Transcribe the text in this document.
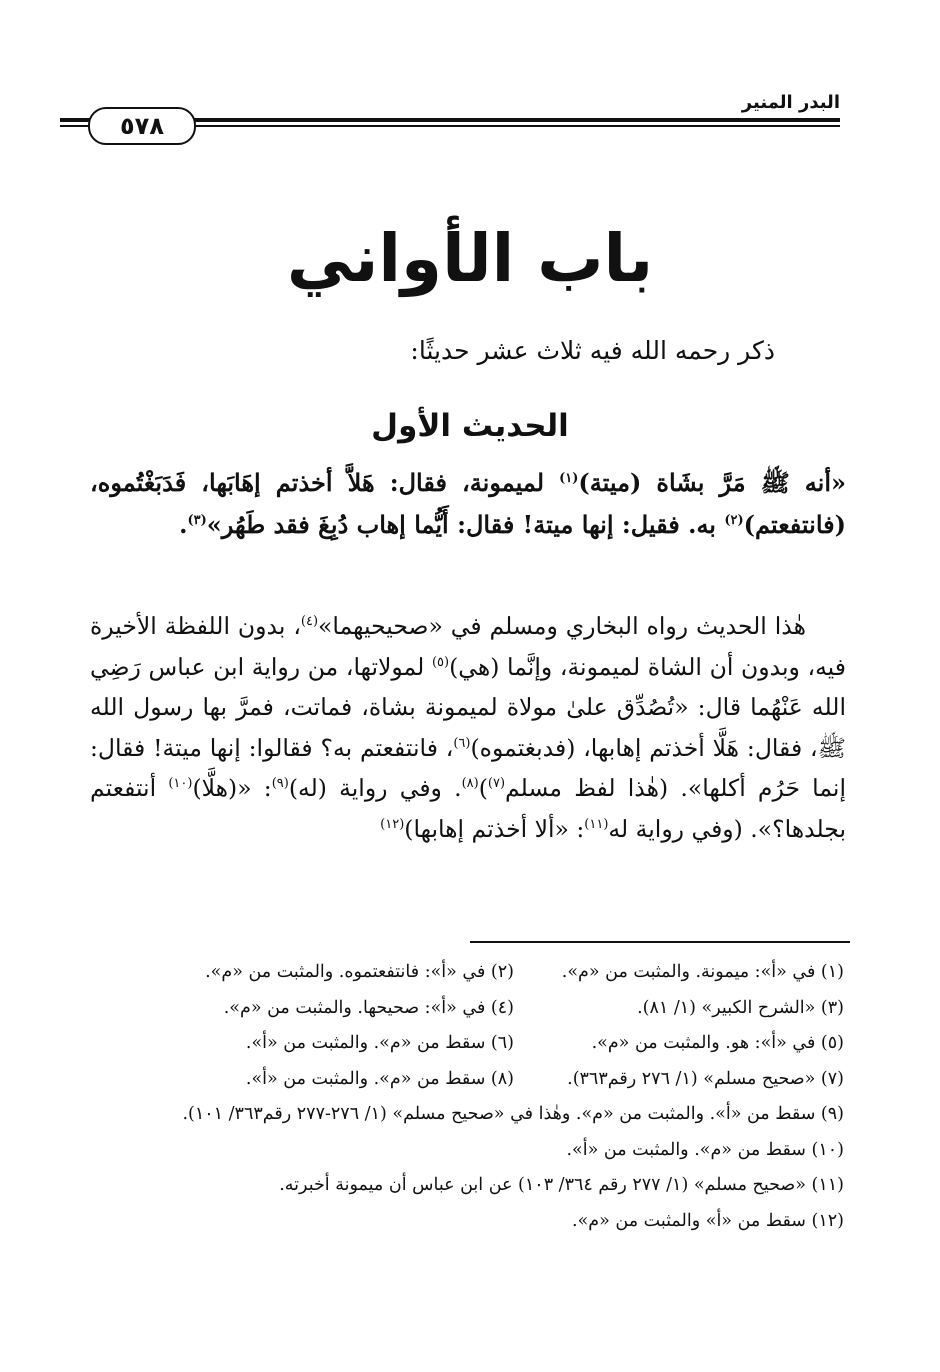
البدر المنير
٥٧٨
باب الأواني
ذكر رحمه الله فيه ثلاث عشر حديثًا:
الحديث الأول
«أنه ﷺ مَرَّ بشَاة (ميتة)$^{(١)}$ لميمونة، فقال: هَلاَّ أخذتم إهَابَها، فَدَبَغْتُموه، (فانتفعتم)$^{(٢)}$ به. فقيل: إنها ميتة! فقال: أَيُّما إهاب دُبِغَ فقد طَهُر»$^{(٣)}$.
هٰذا الحديث رواه البخاري ومسلم في «صحيحيهما»$^{(٤)}$، بدون اللفظة الأخيرة فيه، وبدون أن الشاة لميمونة، وإنَّما (هي)$^{(٥)}$ لمولاتها، من رواية ابن عباس رَضِي الله عَنْهُما قال: «تُصُدِّق علىٰ مولاة لميمونة بشاة، فماتت، فمرَّ بها رسول الله ﷺ، فقال: هَلَّا أخذتم إهابها، (فدبغتموه)$^{(٦)}$، فانتفعتم به؟ فقالوا: إنها ميتة! فقال: إنما حَرُم أكلها». (هٰذا لفظ مسلم$^{(٧)}$)$^{(٨)}$. وفي رواية (له)$^{(٩)}$: «(هلَّا)$^{(١٠)}$ أنتفعتم بجلدها؟». (وفي رواية له$^{(١١)}$: «ألا أخذتم إهابها)$^{(١٢)}$
(١) في «أ»: ميمونة. والمثبت من «م».
(٢) في «أ»: فانتفعتموه. والمثبت من «م».
(٣) «الشرح الكبير» (١/ ٨١).
(٤) في «أ»: صحيحها. والمثبت من «م».
(٥) في «أ»: هو. والمثبت من «م».
(٦) سقط من «م». والمثبت من «أ».
(٧) «صحيح مسلم» (١/ ٢٧٦ رقم٣٦٣).
(٨) سقط من «م». والمثبت من «أ».
(٩) سقط من «أ». والمثبت من «م». وهٰذا في «صحيح مسلم» (١/ ٢٧٦-٢٧٧ رقم٣٦٣/ ١٠١).
(١٠) سقط من «م». والمثبت من «أ».
(١١) «صحيح مسلم» (١/ ٢٧٧ رقم ٣٦٤/ ١٠٣) عن ابن عباس أن ميمونة أخبرته.
(١٢) سقط من «أ» والمثبت من «م».
